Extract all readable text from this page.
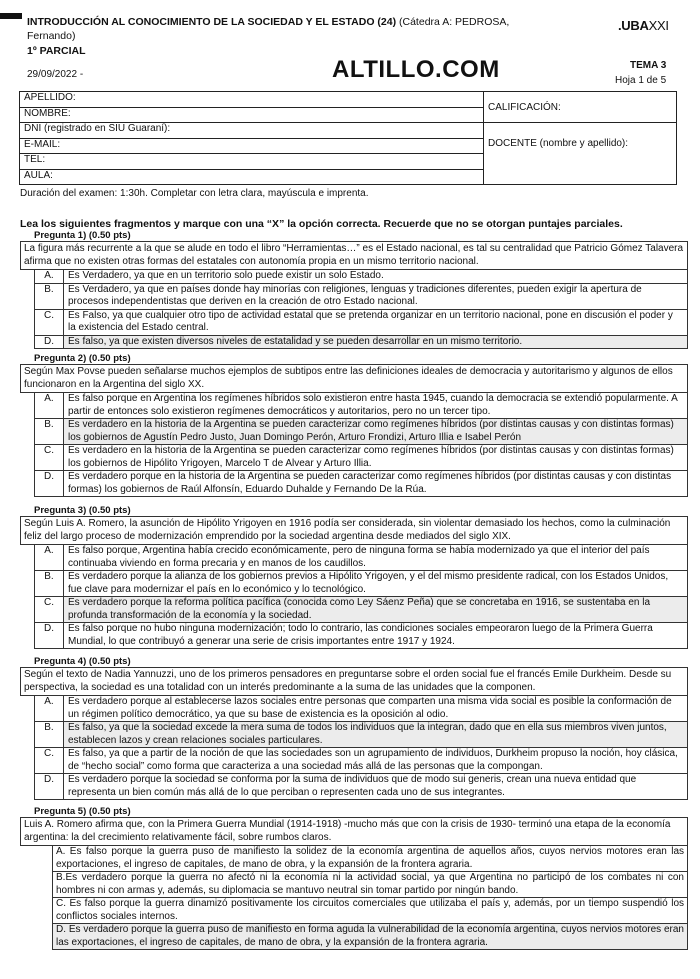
INTRODUCCIÓN AL CONOCIMIENTO DE LA SOCIEDAD Y EL ESTADO (24) (Cátedra A: PEDROSA, Fernando)
.UBAXXI
1º PARCIAL
29/09/2022 -	ALTILLO.COM	TEMA 3
Hoja 1 de 5
APELLIDO:	CALIFICACIÓN:
NOMBRE:	
DNI (registrado en SIU Guaraní):	DOCENTE (nombre y apellido):

E-MAIL:	
TEL:	
AULA:	
Duración del examen: 1:30h. Completar con letra clara, mayúscula e imprenta.
Lea los siguientes fragmentos y marque con una “X” la opción correcta. Recuerde que no se otorgan puntajes parciales.
Pregunta 1) (0.50 pts)
La figura más recurrente a la que se alude en todo el libro “Herramientas…” es el Estado nacional, es tal su centralidad que Patricio Gómez Talavera afirma que no existen otras formas del estatales con autonomía propia en un mismo territorio nacional.
A.	Es Verdadero, ya que en un territorio solo puede existir un solo Estado.
B.	Es Verdadero, ya que en países donde hay minorías con religiones, lenguas y tradiciones diferentes, pueden exigir la apertura de procesos independentistas que deriven en la creación de otro Estado nacional.
C.	Es Falso, ya que cualquier otro tipo de actividad estatal que se pretenda organizar en un territorio nacional, pone en discusión el poder y la existencia del Estado central.
D.	Es falso, ya que existen diversos niveles de estatalidad y se pueden desarrollar en un mismo territorio.
Pregunta 2) (0.50 pts)
Según Max Povse pueden señalarse muchos ejemplos de subtipos entre las definiciones ideales de democracia y autoritarismo y algunos de ellos funcionaron en la Argentina del siglo XX.
A.	Es falso porque en Argentina los regímenes híbridos solo existieron entre hasta 1945, cuando la democracia se extendió popularmente. A partir de entonces solo existieron regímenes democráticos y autoritarios, pero no un tercer tipo.
B.	Es verdadero en la historia de la Argentina se pueden caracterizar como regímenes híbridos (por distintas causas y con distintas formas) los gobiernos de Agustín Pedro Justo, Juan Domingo Perón, Arturo Frondizi, Arturo Illia e Isabel Perón
C.	Es verdadero en la historia de la Argentina se pueden caracterizar como regímenes híbridos (por distintas causas y con distintas formas) los gobiernos de Hipólito Yrigoyen, Marcelo T de Alvear y Arturo Illia.
D.	Es verdadero porque en la historia de la Argentina se pueden caracterizar como regímenes híbridos (por distintas causas y con distintas formas) los gobiernos de Raúl Alfonsín, Eduardo Duhalde y Fernando De la Rúa.
Pregunta 3) (0.50 pts)
Según Luis A. Romero, la asunción de Hipólito Yrigoyen en 1916 podía ser considerada, sin violentar demasiado los hechos, como la culminación feliz del largo proceso de modernización emprendido por la sociedad argentina desde mediados del siglo XIX.
A.	Es falso porque, Argentina había crecido económicamente, pero de ninguna forma se había modernizado ya que el interior del país continuaba viviendo en forma precaria y en manos de los caudillos.
B.	Es verdadero porque la alianza de los gobiernos previos a Hipólito Yrigoyen, y el del mismo presidente radical, con los Estados Unidos, fue clave para modernizar el país en lo económico y lo tecnológico.
C.	Es verdadero porque la reforma política pacífica (conocida como Ley Sáenz Peña) que se concretaba en 1916, se sustentaba en la profunda transformación de la economía y la sociedad.
D.	Es falso porque no hubo ninguna modernización; todo lo contrario, las condiciones sociales empeoraron luego de la Primera Guerra Mundial, lo que contribuyó a generar una serie de crisis importantes entre 1917 y 1924.
Pregunta 4) (0.50 pts)
Según el texto de Nadia Yannuzzi, uno de los primeros pensadores en preguntarse sobre el orden social fue el francés Emile Durkheim. Desde su perspectiva, la sociedad es una totalidad con un interés predominante a la suma de las unidades que la componen.
A.	Es verdadero porque al establecerse lazos sociales entre personas que comparten una misma vida social es posible la conformación de un régimen político democrático, ya que su base de existencia es la oposición al odio.
B.	Es falso, ya que la sociedad excede la mera suma de todos los individuos que la integran, dado que en ella sus miembros viven juntos, establecen lazos y crean relaciones sociales particulares.
C.	Es falso, ya que a partir de la noción de que las sociedades son un agrupamiento de individuos, Durkheim propuso la noción, hoy clásica, de “hecho social” como forma que caracteriza a una sociedad más allá de las personas que la compongan.
D.	Es verdadero porque la sociedad se conforma por la suma de individuos que de modo sui generis, crean una nueva entidad que representa un bien común más allá de lo que perciban o representen cada uno de sus integrantes.
Pregunta 5) (0.50 pts)
Luis A. Romero afirma que, con la Primera Guerra Mundial (1914-1918) -mucho más que con la crisis de 1930- terminó una etapa de la economía argentina: la del crecimiento relativamente fácil, sobre rumbos claros.
A. Es falso porque la guerra puso de manifiesto la solidez de la economía argentina de aquellos años, cuyos nervios motores eran las exportaciones, el ingreso de capitales, de mano de obra, y la expansión de la frontera agraria.
B.Es verdadero porque la guerra no afectó ni la economía ni la actividad social, ya que Argentina no participó de los combates ni con hombres ni con armas y, además, su diplomacia se mantuvo neutral sin tomar partido por ningún bando.
C. Es falso porque la guerra dinamizó positivamente los circuitos comerciales que utilizaba el país y, además, por un tiempo suspendió los conflictos sociales internos.
D. Es verdadero porque la guerra puso de manifiesto en forma aguda la vulnerabilidad de la economía argentina, cuyos nervios motores eran las exportaciones, el ingreso de capitales, de mano de obra, y la expansión de la frontera agraria.
